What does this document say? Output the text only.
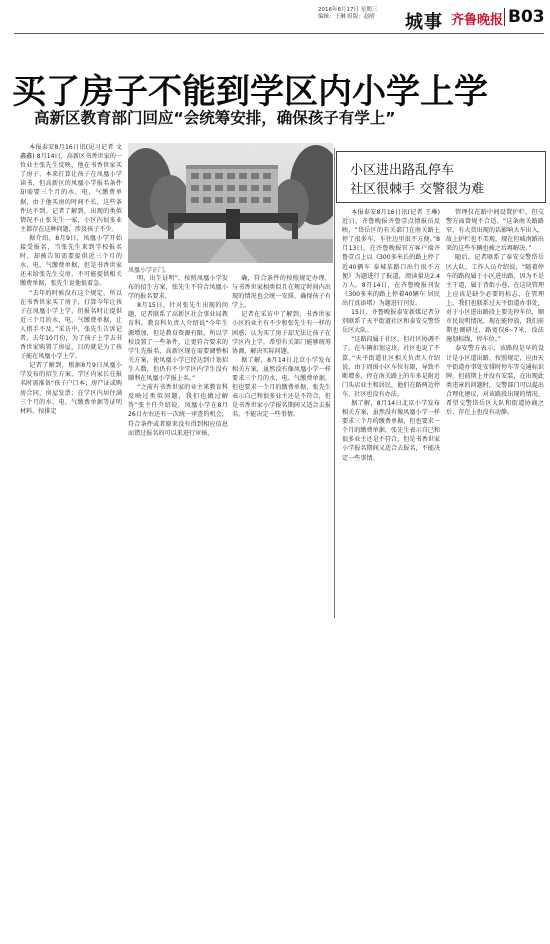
2016年8月17日 星期三
编辑：王琳 组版：赵晴 城事 齐鲁晚报 B03
买了房子不能到学区内小学上学
高新区教育部门回应“会统筹安排，确保孩子有学上”

本报泰安8月16日讯(见习记者 文鑫鑫) 8月14日，高新区书香世家的一位业主张先生反映，他在书香世家买了房子，本来打算让孩子在凤凰小学读书，但高新区的凤凰小学报名条件却需要三个月的水、电、气缴费单据，由于他买房的时间不长，这些条件达不到。记者了解到，出现的类似情况不止张先生一家，小区内很多业主都存在这种问题，涉及孩子不少。

据介绍，8月9日，凤凰小学开始接受报名，当张先生来到学校报名时，却被告知需要提供近三个月的水、电、气缴费单据，但是书香世家还未给张先生交房，不可能提供相关缴费单据，张先生说他很着急。

“去年的时候没有这个规定，所以在书香世家买了房子，打算今年让孩子在凤凰小学上学，但报名时让提供近三个月的水、电、气缴费单据，让人措手不及。”采访中，张先生告诉记者，去年10月份，为了孩子上学去书香世家购置了房屋，目的就是为了孩子能在凤凰小学上学。

记者了解到，根据8月9日凤凰小学发布的招生方案，学区内家长在报名时需准备“孩子户口本；房产证或购房合同，房屋发票；在学区内居住满三个月的水、电、气缴费单据等证明材料，按排定

凤凰小学正门。
小区进出路乱停车
社区很棘手 交警很为难

明，出生证明”。按照凤凰小学发布的招生方案，张先生不符合凤凰小学的报名要求。

8月15日，针对张先生出现的问题，记者联系了高新区社会事业局教育科，教育科负责人介绍说“今年生源增加，但是教育资源有限，所以学校设置了一些条件，让更符合要求的学生先报名，高新区现在需要调整相关方案，使凤凰小学已经达到计划招生人数，但仍有不少学区内学生没有顺利在凤凰小学报上名。”

“之前有书香世家的业主来教育科反映过类似问题，我们也做过解答”张主任介绍说，凤凰小学在8月26日左右还有一次统一审查的机会，符合条件或者原来没有得到相应信息而错过报名的可以来进行审核，

确，符合条件的按照规定办理，与书香世家相类似且在规定时间内出现的情况也会统一安排，确保孩子有学上。

记者在采访中了解到，书香世家小区的业主有不少和张先生有一样的困惑，认为买了房子却无法让孩子在学区内上学，希望有关部门能够统筹协调，解决实际问题。

据了解，8月14日北京小学发布相关方案，虽然没有像凤凰小学一样要求三个月的水、电、气缴费单据，但也要求一个月的缴费单据，张先生表示自己和很多业主还是不符合，但是书香世家小学报名期间又适合去报名，不能决定一些事情。

本报泰安8月16日讯(记者 王琳) 近日，齐鲁晚报齐鲁壹点情报员反映，“岱岳区的有关部门在南关路上停了很多车，车往边里很不方便。”8月13日，在齐鲁晚报官方客户端齐鲁壹点上以《300多米长的路上停了近40辆车 泰城某路口出行很不方便》为题进行了报道，阅读量达2.4万人。8月14日，在齐鲁晚报刊发《300多米的路上停着40辆车 居民出行真添堵》为题进行刊发。

15日，齐鲁晚报泰安新媒记者分别联系了天平街道社区和泰安交警岱岳区大队。

“这路段属于社区，但社区协调不了，在车辆扣划这块，社区也说了不算。”天平街道社区相关负责人介绍说，由于周围小区车位有限，导致不断增多，停在南关路上的车多是附近门头店业主和居民，他们在路两边停车，社区也没有办法。

据了解，8月14日北京小学发布相关方案，虽然没有像凤凰小学一样要求三个月的缴费单据，但也要求一个月的缴费单据，张先生表示自己和很多业主还是不符合，但是书香世家小学报名期间又适合去报名，不能决定一些事情。

管理仅在路中间设置护栏，但交警方面曾规不合适。“这条南关路路窄，有大货出现的话影响大车出入，故上护栏也不美观，现在但城南路出来的这些车辆也被之后再解决。”

随后，记者联系了泰安交警岱岳区大队，工作人员介绍说，“随着停车的路段属于小区进出路，因为不是主干道，属于背街小巷，在这块管理上应该是缺少必要的标志，在管理上，我们也联系过天平街道办事处，对于小区进出路段上要先停车位，顺市民说明情况，现在能停放，我们前期也调研过，路宽仅6~7米，没法施划标线，停车位。”

泰安警方表示，该路段是早的设计是小区道出路，按照规定，应由天平街道办事处安排时停车等交通标识牌，但前期上并没有安装，在出现此类违章的问题时，交警部门可以提出合理化建议，对该路段出现的情况，希望交警岱岳区大队和街道协商之后，存在上也没有动静。
